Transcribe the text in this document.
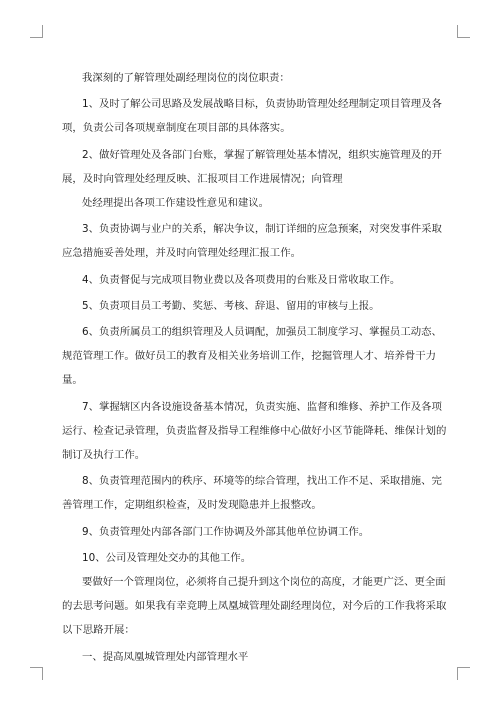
我深刻的了解管理处副经理岗位的岗位职责：

1、及时了解公司思路及发展战略目标，负责协助管理处经理制定项目管理及各项，负责公司各项规章制度在项目部的具体落实。

2、做好管理处及各部门台账，掌握了解管理处基本情况，组织实施管理及的开展，及时向管理处经理反映、汇报项目工作进展情况；向管理

处经理提出各项工作建设性意见和建议。

3、负责协调与业户的关系，解决争议，制订详细的应急预案，对突发事件采取应急措施妥善处理，并及时向管理处经理汇报工作。

4、负责督促与完成项目物业费以及各项费用的台账及日常收取工作。

5、负责项目员工考勤、奖惩、考核、辞退、留用的审核与上报。

6、负责所属员工的组织管理及人员调配，加强员工制度学习、掌握员工动态、规范管理工作。做好员工的教育及相关业务培训工作，挖掘管理人才、培养骨干力量。

7、掌握辖区内各设施设备基本情况，负责实施、监督和维修、养护工作及各项运行、检查记录管理，负责监督及指导工程维修中心做好小区节能降耗、维保计划的制订及执行工作。

8、负责管理范围内的秩序、环境等的综合管理，找出工作不足、采取措施、完善管理工作，定期组织检查，及时发现隐患并上报整改。

9、负责管理处内部各部门工作协调及外部其他单位协调工作。

10、公司及管理处交办的其他工作。

要做好一个管理岗位，必须将自己提升到这个岗位的高度，才能更广泛、更全面的去思考问题。如果我有幸竞聘上凤凰城管理处副经理岗位，对今后的工作我将采取以下思路开展：

一、提高凤凰城管理处内部管理水平
